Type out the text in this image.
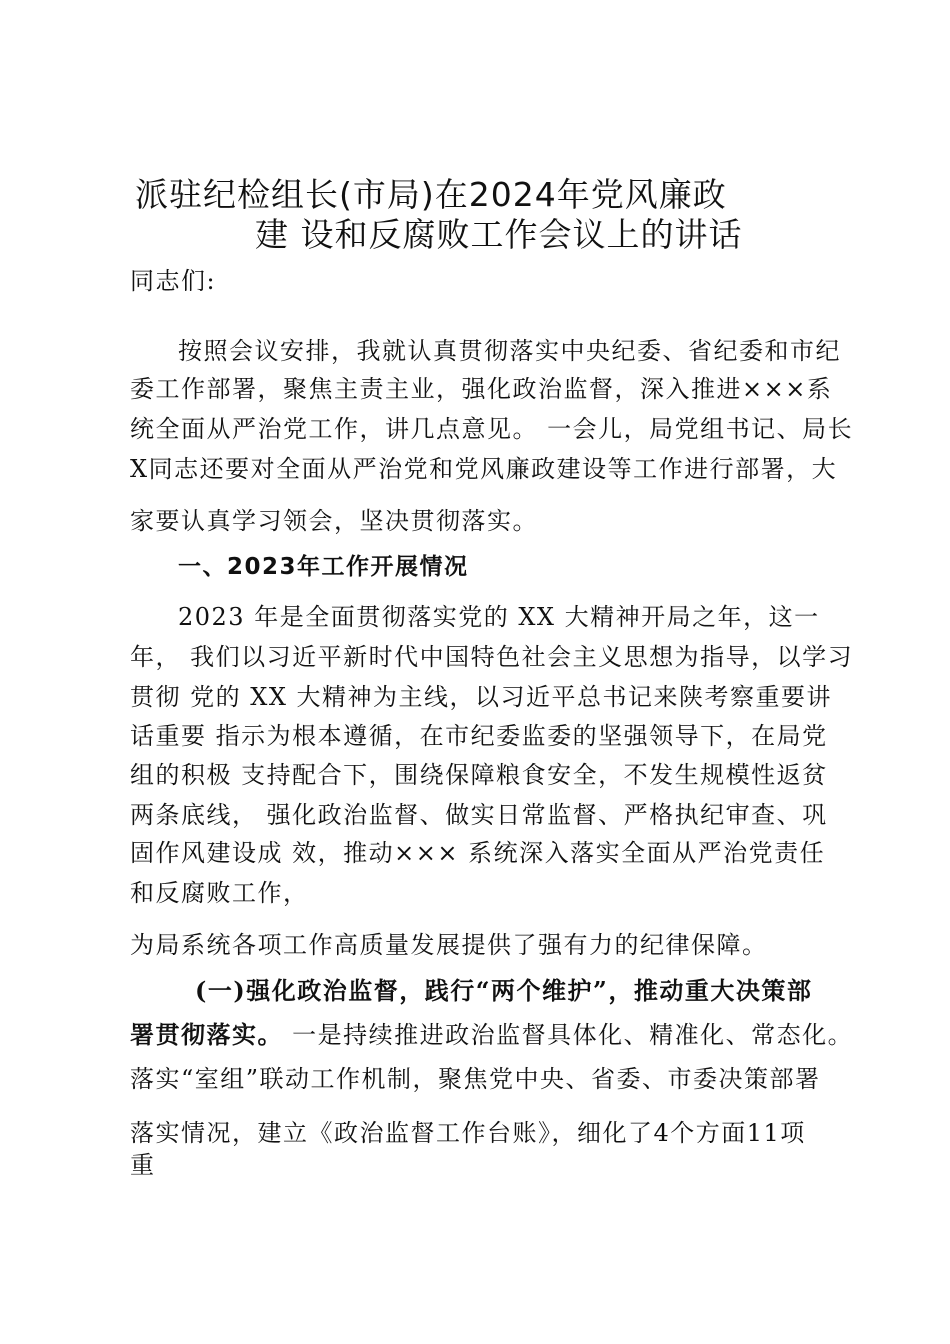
派驻纪检组长(市局)在2024年党风廉政
建 设和反腐败工作会议上的讲话
同志们:
按照会议安排，我就认真贯彻落实中央纪委、省纪委和市纪
委工作部署，聚焦主责主业，强化政治监督，深入推进×××系
统全面从严治党工作，讲几点意见。 一会儿，局党组书记、局长
X同志还要对全面从严治党和党风廉政建设等工作进行部署，大
家要认真学习领会，坚决贯彻落实。
一、2023年工作开展情况
2023 年是全面贯彻落实党的 XX 大精神开局之年，这一
年， 我们以习近平新时代中国特色社会主义思想为指导，以学习
贯彻 党的 XX 大精神为主线，以习近平总书记来陕考察重要讲
话重要 指示为根本遵循，在市纪委监委的坚强领导下，在局党
组的积极 支持配合下，围绕保障粮食安全，不发生规模性返贫
两条底线， 强化政治监督、做实日常监督、严格执纪审查、巩
固作风建设成 效，推动××× 系统深入落实全面从严治党责任
和反腐败工作，
为局系统各项工作高质量发展提供了强有力的纪律保障。
(一)强化政治监督，践行“两个维护”，推动重大决策部
署贯彻落实。 一是持续推进政治监督具体化、精准化、常态化。
落实“室组”联动工作机制，聚焦党中央、省委、市委决策部署
落实情况，建立《政治监督工作台账》，细化了4个方面11项
重
